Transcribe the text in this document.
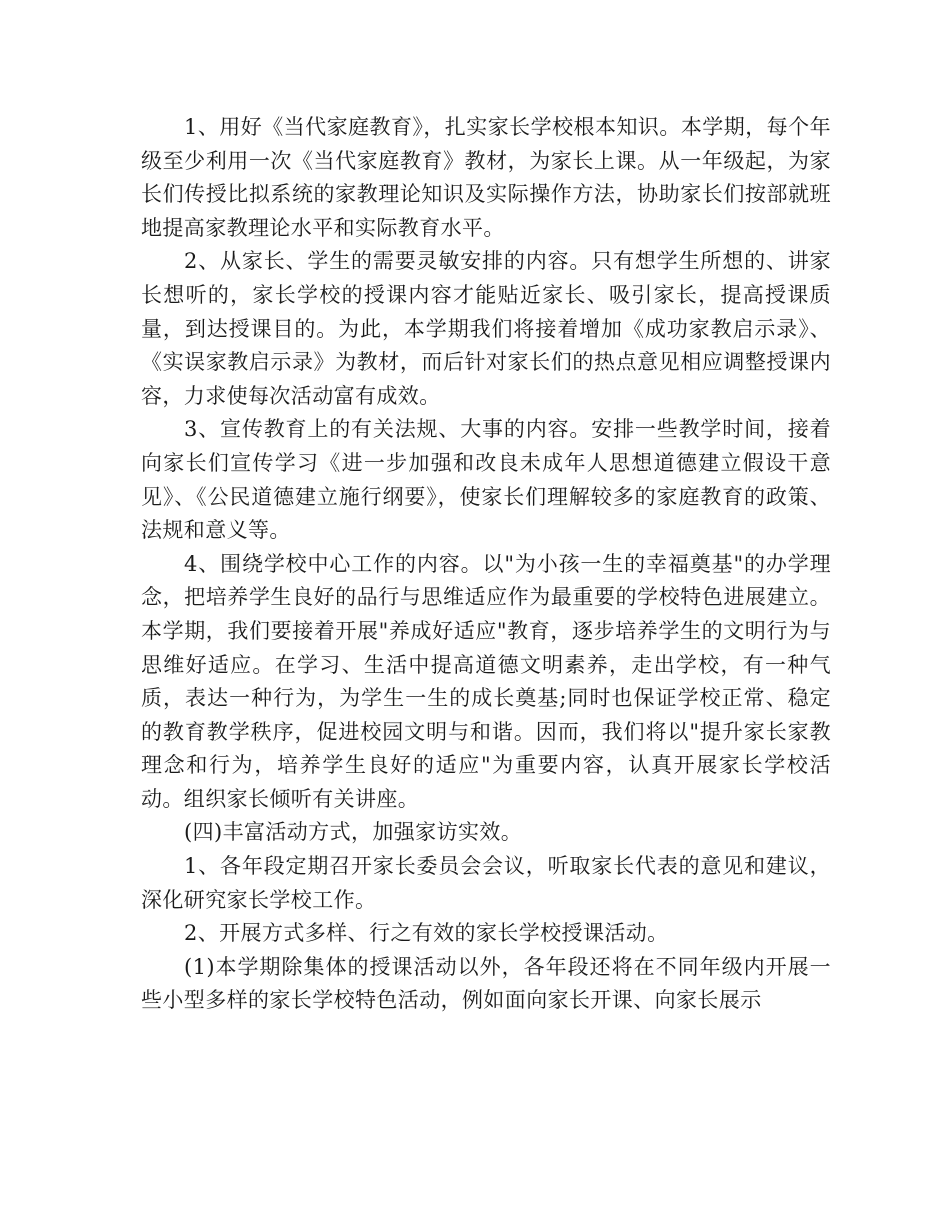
1、用好《当代家庭教育》，扎实家长学校根本知识。本学期，每个年级至少利用一次《当代家庭教育》教材，为家长上课。从一年级起，为家长们传授比拟系统的家教理论知识及实际操作方法，协助家长们按部就班地提高家教理论水平和实际教育水平。

2、从家长、学生的需要灵敏安排的内容。只有想学生所想的、讲家长想听的，家长学校的授课内容才能贴近家长、吸引家长，提高授课质量，到达授课目的。为此，本学期我们将接着增加《成功家教启示录》、《实误家教启示录》为教材，而后针对家长们的热点意见相应调整授课内容，力求使每次活动富有成效。

3、宣传教育上的有关法规、大事的内容。安排一些教学时间，接着向家长们宣传学习《进一步加强和改良未成年人思想道德建立假设干意见》、《公民道德建立施行纲要》，使家长们理解较多的家庭教育的政策、法规和意义等。

4、围绕学校中心工作的内容。以"为小孩一生的幸福奠基"的办学理念，把培养学生良好的品行与思维适应作为最重要的学校特色进展建立。本学期，我们要接着开展"养成好适应"教育，逐步培养学生的文明行为与思维好适应。在学习、生活中提高道德文明素养，走出学校，有一种气质，表达一种行为，为学生一生的成长奠基;同时也保证学校正常、稳定的教育教学秩序，促进校园文明与和谐。因而，我们将以"提升家长家教理念和行为，培养学生良好的适应"为重要内容，认真开展家长学校活动。组织家长倾听有关讲座。

(四)丰富活动方式，加强家访实效。

1、各年段定期召开家长委员会会议，听取家长代表的意见和建议，深化研究家长学校工作。

2、开展方式多样、行之有效的家长学校授课活动。

(1)本学期除集体的授课活动以外，各年段还将在不同年级内开展一些小型多样的家长学校特色活动，例如面向家长开课、向家长展示
